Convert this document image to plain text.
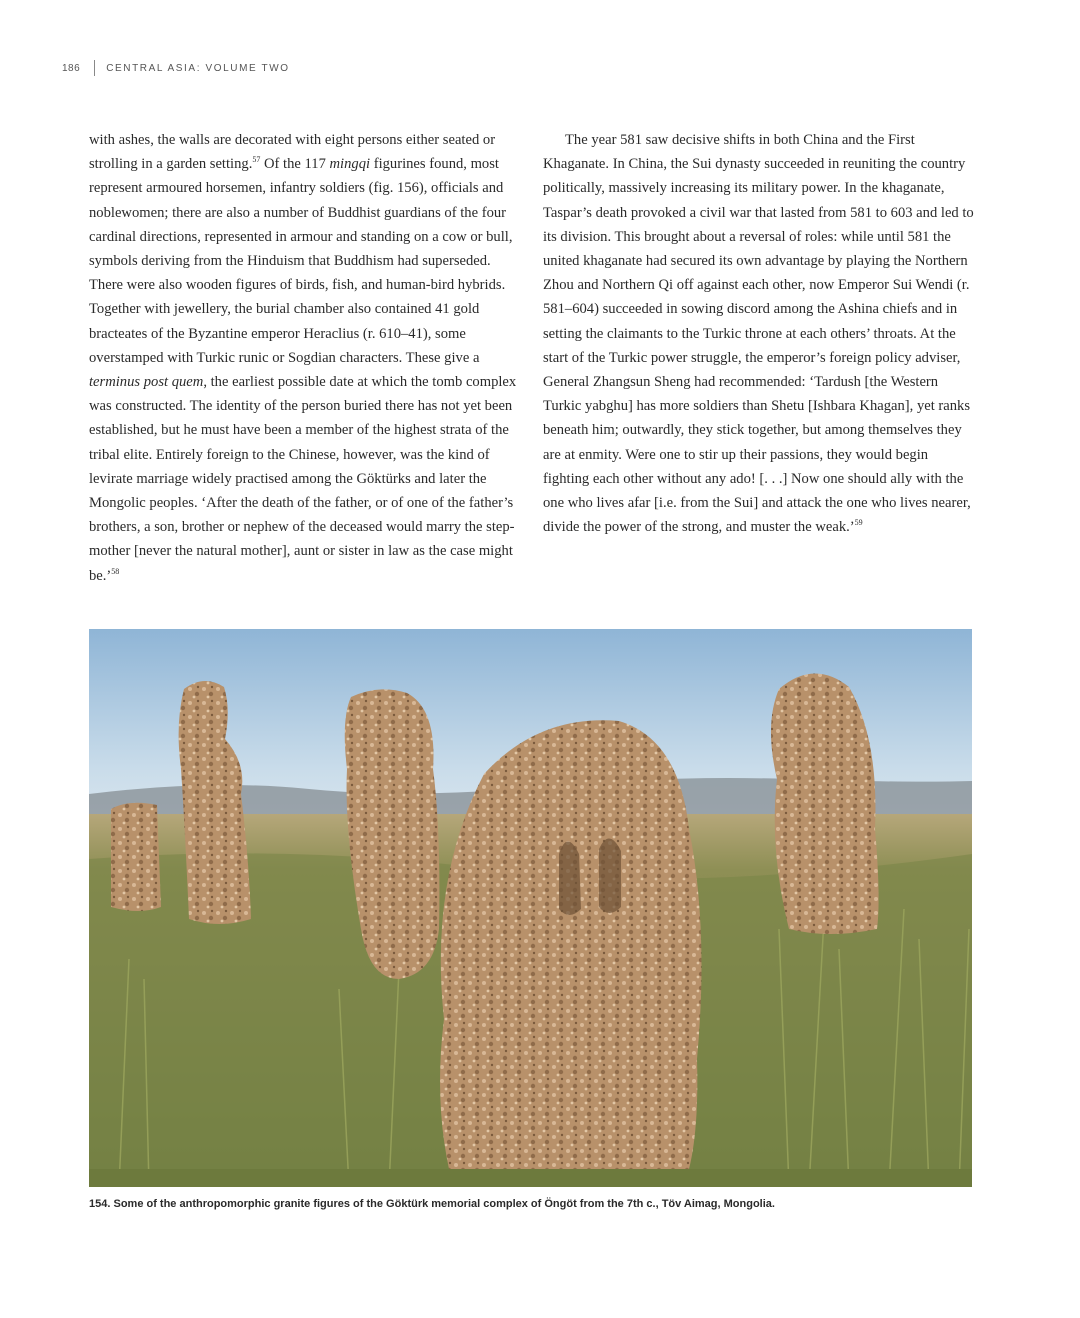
186	CENTRAL ASIA: VOLUME TWO

with ashes, the walls are decorated with eight persons either seated or strolling in a garden setting.$^{57}$ Of the 117 mingqi figurines found, most represent armoured horsemen, infantry soldiers (fig. 156), officials and noblewomen; there are also a number of Buddhist guardians of the four cardinal directions, represented in armour and standing on a cow or bull, symbols deriving from the Hinduism that Buddhism had superseded. There were also wooden figures of birds, fish, and human-bird hybrids. Together with jewellery, the burial chamber also contained 41 gold bracteates of the Byzantine emperor Heraclius (r. 610–41), some overstamped with Turkic runic or Sogdian characters. These give a terminus post quem, the earliest possible date at which the tomb complex was constructed. The identity of the person buried there has not yet been established, but he must have been a member of the highest strata of the tribal elite. Entirely foreign to the Chinese, however, was the kind of levirate marriage widely practised among the Göktürks and later the Mongolic peoples. ‘After the death of the father, or of one of the father’s brothers, a son, brother or nephew of the deceased would marry the step-mother [never the natural mother], aunt or sister in law as the case might be.’$^{58}$

The year 581 saw decisive shifts in both China and the First Khaganate. In China, the Sui dynasty succeeded in reuniting the country politically, massively increasing its military power. In the khaganate, Taspar’s death provoked a civil war that lasted from 581 to 603 and led to its division. This brought about a reversal of roles: while until 581 the united khaganate had secured its own advantage by playing the Northern Zhou and Northern Qi off against each other, now Emperor Sui Wendi (r. 581–604) succeeded in sowing discord among the Ashina chiefs and in setting the claimants to the Turkic throne at each others’ throats. At the start of the Turkic power struggle, the emperor’s foreign policy adviser, General Zhangsun Sheng had recommended: ‘Tardush [the Western Turkic yabghu] has more soldiers than Shetu [Ishbara Khagan], yet ranks beneath him; outwardly, they stick together, but among themselves they are at enmity. Were one to stir up their passions, they would begin fighting each other without any ado! [. . .] Now one should ally with the one who lives afar [i.e. from the Sui] and attack the one who lives nearer, divide the power of the strong, and muster the weak.’$^{59}$

154. Some of the anthropomorphic granite figures of the Göktürk memorial complex of Öngöt from the 7th c., Töv Aimag, Mongolia.
